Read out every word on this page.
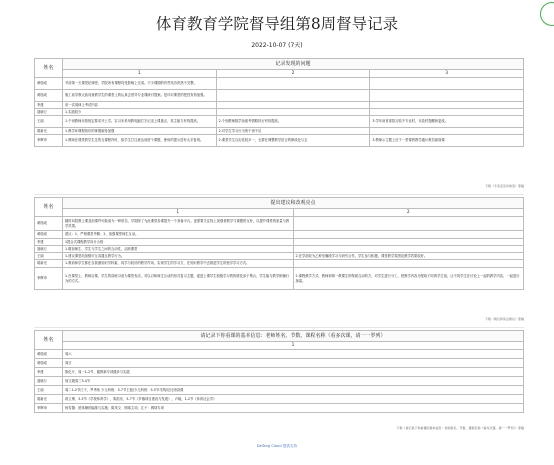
体育教育学院督导组第8周督导记录
2022-10-07 (7天)
姓名	记录发现的问题		
	1	2	3
黄瑞成	节前第一天课堂纪律差，学院所有课程均受影响上完成。不少课期的有些英各供热不完整。		
黄瑞成	施工前学教大致同意教学生的课堂上的认真去度导专业课研讨提案。是环对课堂的把控有待加强。		
李建	说一次周律上考试内容		
聂晓万	1.实践较少		
王丽	1.个别教师未按规定要求开上学。实习未采用教电脑打字记录上课重点，其主能力有待提高。	2.个别教师数学参留考情路执行有待提高。	3.学年前首部院习较不专业时，未及时提醒和更改。
胡新光	1.教学环课程知识的掌握亟待加强	2.对学生学习行为的个别不足	
李辉申	1.教师在课堂教学生过的互课程内时，似学生打注意达成度个课题，使用的提示语有太多复现。	2.课堂学生自由性较多一，无要在调整教学语言的修改化与去	3.教师示主题上后于一堂课的教学通计教员面面课
下载《专家意见问卷表》原稿
姓名	提出建议和改观亮点	
	1	2
黄瑞成	随时向院教上课及前课件可能成为一种常态，学院除了为此课堂参课提升一个高备平台。更需要关注线上加强者教学与课题的互补，以提升课堂的质量与教学效果。	
黄瑞成	建议：1、严格课堂考勤；2、加强课堂师生互动。	
李建	1提合式课程教学设计合格	
聂晓万	1.增加师生、学生与学生之间的互动性，活跃课堂	
王丽	1.建议课堂前加强可互沟通互教学行为。	2.在学前较为乙种至确段学习与研究合作，学生参与积极，课堂教学氛围及教学效果较好。
胡新光	1.教前和学生都在自我测知识学科素，同学与较好的教学作用，实现学生的学习方，在知识教学中去推进学生的独学学习方式。	
李辉申	1.在课堂上，教师启课、学生的讲练习成为课堂有活，对以讨和师生互动的形式复习主题，促进上课学生积极学习的热情及参于集合，学生能与教学相辅行为的方式。	2.课程教学方式，教师和第一教课生的保面互动的方，对学生进行分工，把教学内容分配给不同的学生组，让不同学生在讨论上一起的教学内容，一起进行探索。
下载《建议和亮点建议》原稿
姓名	请记录下你看课的基本信息：老师姓名、节数、课程名称（看多次课，请一一罗列）
	1
黄瑞成	周六
黄瑞成	周日
李建	陈化厅，周一1-2节，健教新专项健诊与实践
聂晓万	何文媛周三3-4节
王丽	周二1-2节江子，罗秀伟 少儿科班：5-7节王振/少儿科班：5-5节马纳/足比则设课
胡新光	蒋立博，3-5节《学校体育学》，陈浩东，5-7节《乡镇项目建设与发展》，卢晓，1-2节《体育社会学》
李辉申	杨雪馨：团体操的编排与实施；陈茂文：网球主项；江子：网球专项
下载《请记录下你看课的基本信息：老师姓名、节数、课程名称（看多次课，请一一罗列）》原稿
DeTang Cloud 提供支持
